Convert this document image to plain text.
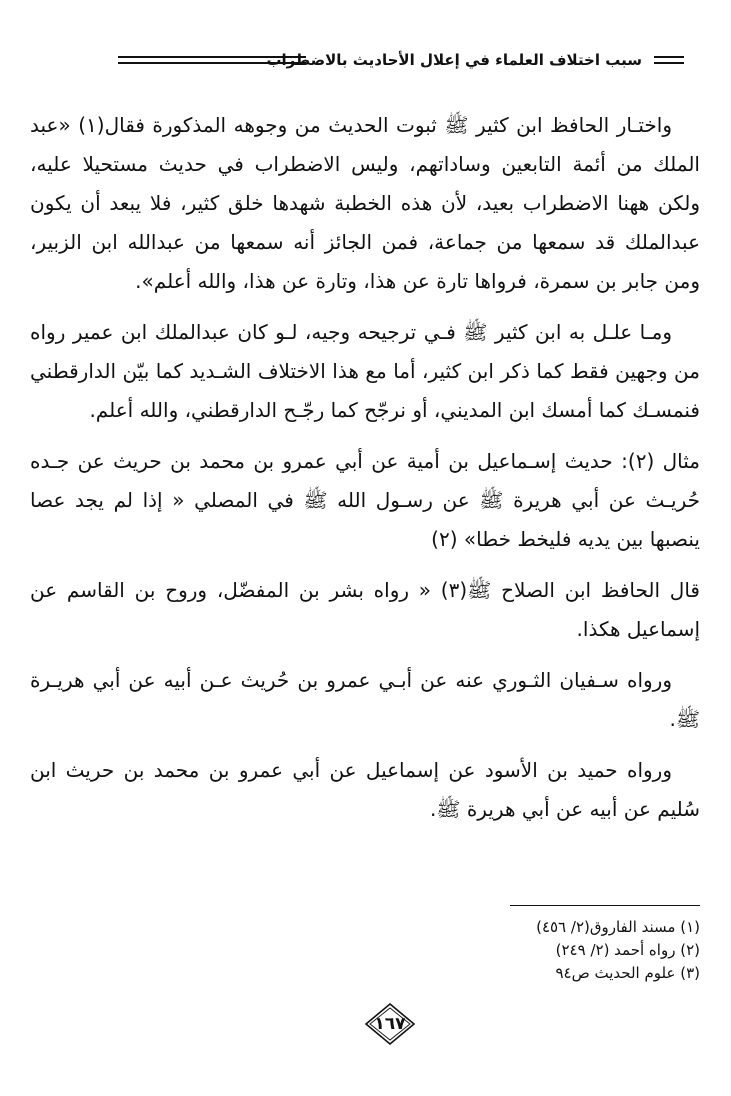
سبب اختلاف العلماء في إعلال الأحاديث بالاضطراب

واختـار الحافظ ابن كثير ﷺ ثبوت الحديث من وجوهه المذكورة فقال(١) «عبد الملك من أئمة التابعين وساداتهم، وليس الاضطراب في حديث مستحيلا عليه، ولكن ههنا الاضطراب بعيد، لأن هذه الخطبة شهدها خلق كثير، فلا يبعد أن يكون عبدالملك قد سمعها من جماعة، فمن الجائز أنه سمعها من عبدالله ابن الزبير، ومن جابر بن سمرة، فرواها تارة عن هذا، وتارة عن هذا، والله أعلم».

ومـا علـل به ابن كثير ﷺ فـي ترجيحه وجيه، لـو كان عبدالملك ابن عمير رواه من وجهين فقط كما ذكر ابن كثير، أما مع هذا الاختلاف الشـديد كما بيّن الدارقطني فنمسـك كما أمسك ابن المديني، أو نرجّح كما رجّـح الدارقطني، والله أعلم.

مثال (٢): حديث إسـماعيل بن أمية عن أبي عمرو بن محمد بن حريث عن جـده حُريـث عن أبي هريرة ﷺ عن رسـول الله ﷺ في المصلي « إذا لم يجد عصا ينصبها بين يديه فليخط خطا» (٢)

قال الحافظ ابن الصلاح ﷺ(٣) « رواه بشر بن المفضّل، وروح بن القاسم عن إسماعيل هكذا.

ورواه سـفيان الثـوري عنه عن أبـي عمرو بن حُريث عـن أبيه عن أبي هريـرة ﷺ.

ورواه حميد بن الأسود عن إسماعيل عن أبي عمرو بن محمد بن حريث ابن سُليم عن أبيه عن أبي هريرة ﷺ.

(١) مسند الفاروق(٢/ ٤٥٦)
(٢) رواه أحمد (٢/ ٢٤٩)
(٣) علوم الحديث ص٩٤
١٦٧
